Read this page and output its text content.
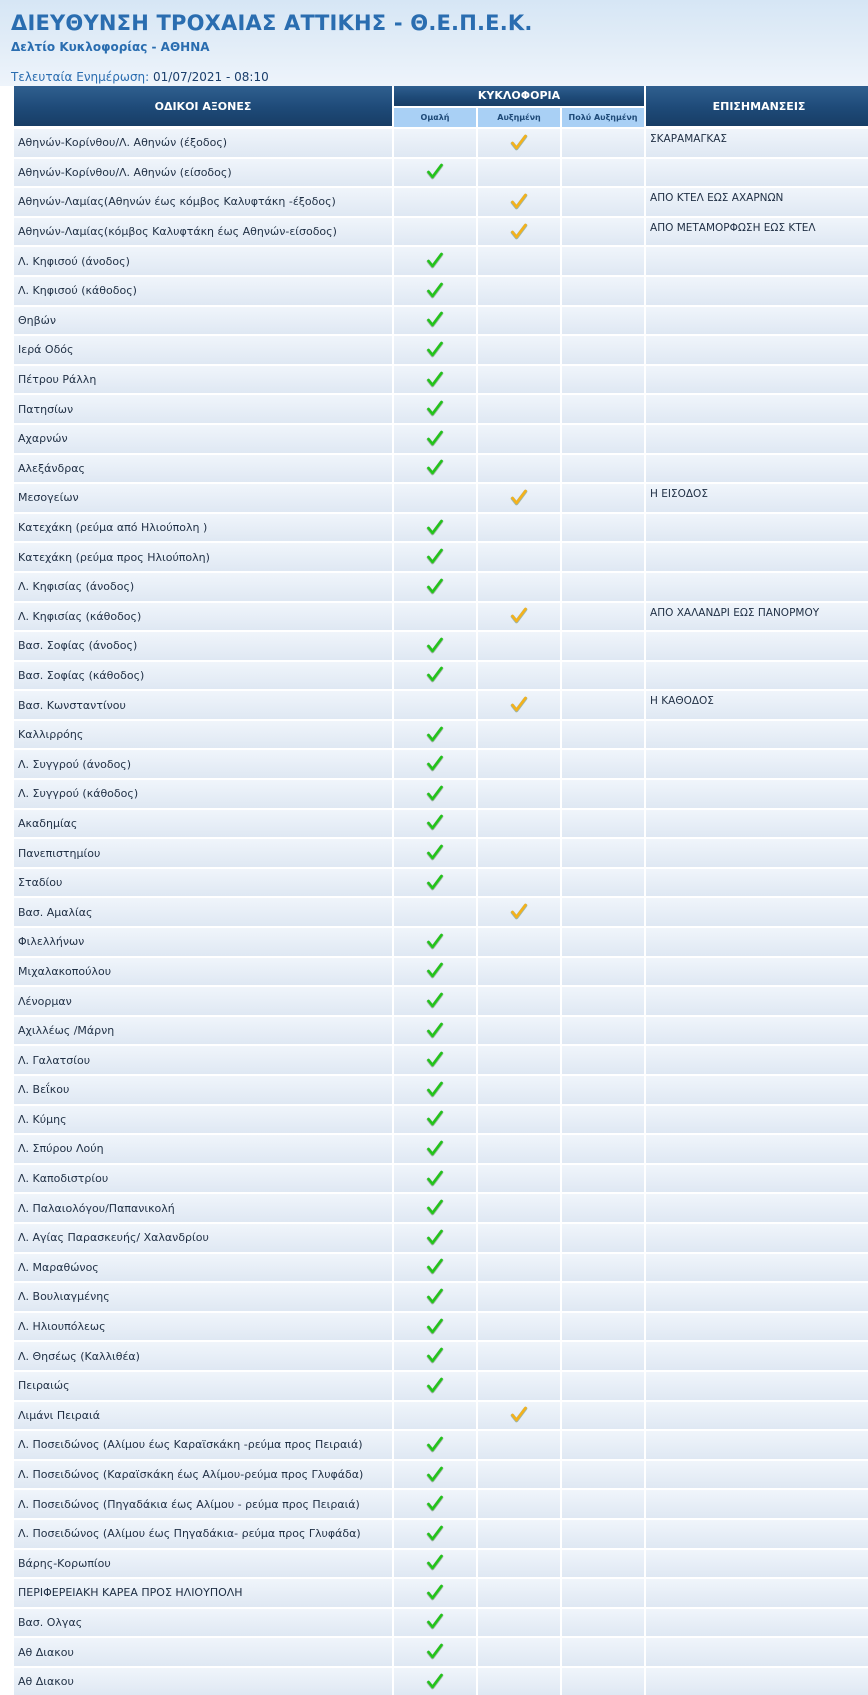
ΔΙΕΥΘΥΝΣΗ ΤΡΟΧΑΙΑΣ ΑΤΤΙΚΗΣ - Θ.Ε.Π.Ε.Κ.
Δελτίο Κυκλοφορίας - ΑΘΗΝΑ
Τελευταία Ενημέρωση: 01/07/2021 - 08:10
ΟΔΙΚΟΙ ΑΞΟΝΕΣ	ΚΥΚΛΟΦΟΡΙΑ			ΕΠΙΣΗΜΑΝΣΕΙΣ
	Ομαλή	Αυξημένη	Πολύ Αυξημένη	
Αθηνών-Κορίνθου/Λ. Αθηνών (έξοδος)				ΣΚΑΡΑΜΑΓΚΑΣ
Αθηνών-Κορίνθου/Λ. Αθηνών (είσοδος)	

Αθηνών-Λαμίας(Αθηνών έως κόμβος Καλυφτάκη -έξοδος)				ΑΠΟ ΚΤΕΛ ΕΩΣ ΑΧΑΡΝΩΝ
Αθηνών-Λαμίας(κόμβος Καλυφτάκη έως Αθηνών-είσοδος)				ΑΠΟ ΜΕΤΑΜΟΡΦΩΣΗ ΕΩΣ ΚΤΕΛ
Λ. Κηφισού (άνοδος)	

Λ. Κηφισού (κάθοδος)	

Θηβών	

Ιερά Οδός	

Πέτρου Ράλλη	

Πατησίων	

Αχαρνών	

Αλεξάνδρας	

Μεσογείων				Η ΕΙΣΟΔΟΣ
Κατεχάκη (ρεύμα από Ηλιούπολη )	

Κατεχάκη (ρεύμα προς Ηλιούπολη)	

Λ. Κηφισίας (άνοδος)	

Λ. Κηφισίας (κάθοδος)				ΑΠΟ ΧΑΛΑΝΔΡΙ ΕΩΣ ΠΑΝΟΡΜΟΥ
Βασ. Σοφίας (άνοδος)	

Βασ. Σοφίας (κάθοδος)	

Βασ. Κωνσταντίνου				Η ΚΑΘΟΔΟΣ
Καλλιρρόης	

Λ. Συγγρού (άνοδος)	

Λ. Συγγρού (κάθοδος)	

Ακαδημίας	

Πανεπιστημίου	

Σταδίου	

Βασ. Αμαλίας		

Φιλελλήνων	

Μιχαλακοπούλου	

Λένορμαν	

Αχιλλέως /Μάρνη	

Λ. Γαλατσίου	

Λ. Βεΐκου	

Λ. Κύμης	

Λ. Σπύρου Λούη	

Λ. Καποδιστρίου	

Λ. Παλαιολόγου/Παπανικολή	

Λ. Αγίας Παρασκευής/ Χαλανδρίου	

Λ. Μαραθώνος	

Λ. Βουλιαγμένης	

Λ. Ηλιουπόλεως	

Λ. Θησέως (Καλλιθέα)	

Πειραιώς	

Λιμάνι Πειραιά		

Λ. Ποσειδώνος (Αλίμου έως Καραϊσκάκη -ρεύμα προς Πειραιά)	

Λ. Ποσειδώνος (Καραϊσκάκη έως Αλίμου-ρεύμα προς Γλυφάδα)	

Λ. Ποσειδώνος (Πηγαδάκια έως Αλίμου - ρεύμα προς Πειραιά)	

Λ. Ποσειδώνος (Αλίμου έως Πηγαδάκια- ρεύμα προς Γλυφάδα)	

Βάρης-Κορωπίου	

ΠΕΡΙΦΕΡΕΙΑΚΗ ΚΑΡΕΑ ΠΡΟΣ ΗΛΙΟΥΠΟΛΗ	

Βασ. Ολγας	

Αθ Διακου	

Αθ Διακου	
